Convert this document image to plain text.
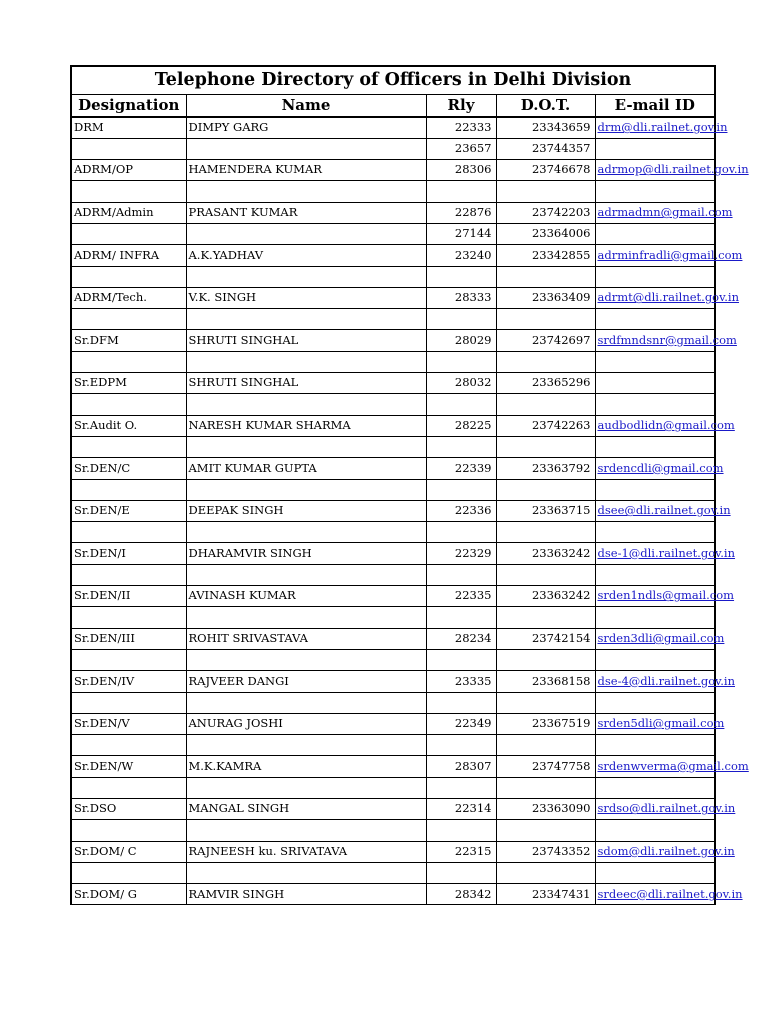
Telephone Directory of Officers in Delhi Division				
Designation	Name	Rly	D.O.T.	E-mail ID
DRM	DIMPY GARG	22333	23343659	drm@dli.railnet.gov.in
		23657	23744357	
ADRM/OP	HAMENDERA KUMAR	28306	23746678	adrmop@dli.railnet.gov.in

ADRM/Admin	PRASANT KUMAR	22876	23742203	adrmadmn@gmail.com
		27144	23364006	
ADRM/ INFRA	A.K.YADHAV	23240	23342855	adrminfradli@gmail.com

ADRM/Tech.	V.K. SINGH	28333	23363409	adrmt@dli.railnet.gov.in

Sr.DFM	SHRUTI SINGHAL	28029	23742697	srdfmndsnr@gmail.com

Sr.EDPM	SHRUTI SINGHAL	28032	23365296	

Sr.Audit O.	NARESH KUMAR SHARMA	28225	23742263	audbodlidn@gmail.com

Sr.DEN/C	AMIT KUMAR GUPTA	22339	23363792	srdencdli@gmail.com

Sr.DEN/E	DEEPAK SINGH	22336	23363715	dsee@dli.railnet.gov.in

Sr.DEN/I	DHARAMVIR SINGH	22329	23363242	dse-1@dli.railnet.gov.in

Sr.DEN/II	AVINASH KUMAR	22335	23363242	srden1ndls@gmail.com

Sr.DEN/III	ROHIT SRIVASTAVA	28234	23742154	srden3dli@gmail.com

Sr.DEN/IV	RAJVEER DANGI	23335	23368158	dse-4@dli.railnet.gov.in

Sr.DEN/V	ANURAG JOSHI	22349	23367519	srden5dli@gmail.com

Sr.DEN/W	M.K.KAMRA	28307	23747758	srdenwverma@gmail.com

Sr.DSO	MANGAL SINGH	22314	23363090	srdso@dli.railnet.gov.in

Sr.DOM/ C	RAJNEESH ku. SRIVATAVA	22315	23743352	sdom@dli.railnet.gov.in

Sr.DOM/ G	RAMVIR SINGH	28342	23347431	srdeec@dli.railnet.gov.in
